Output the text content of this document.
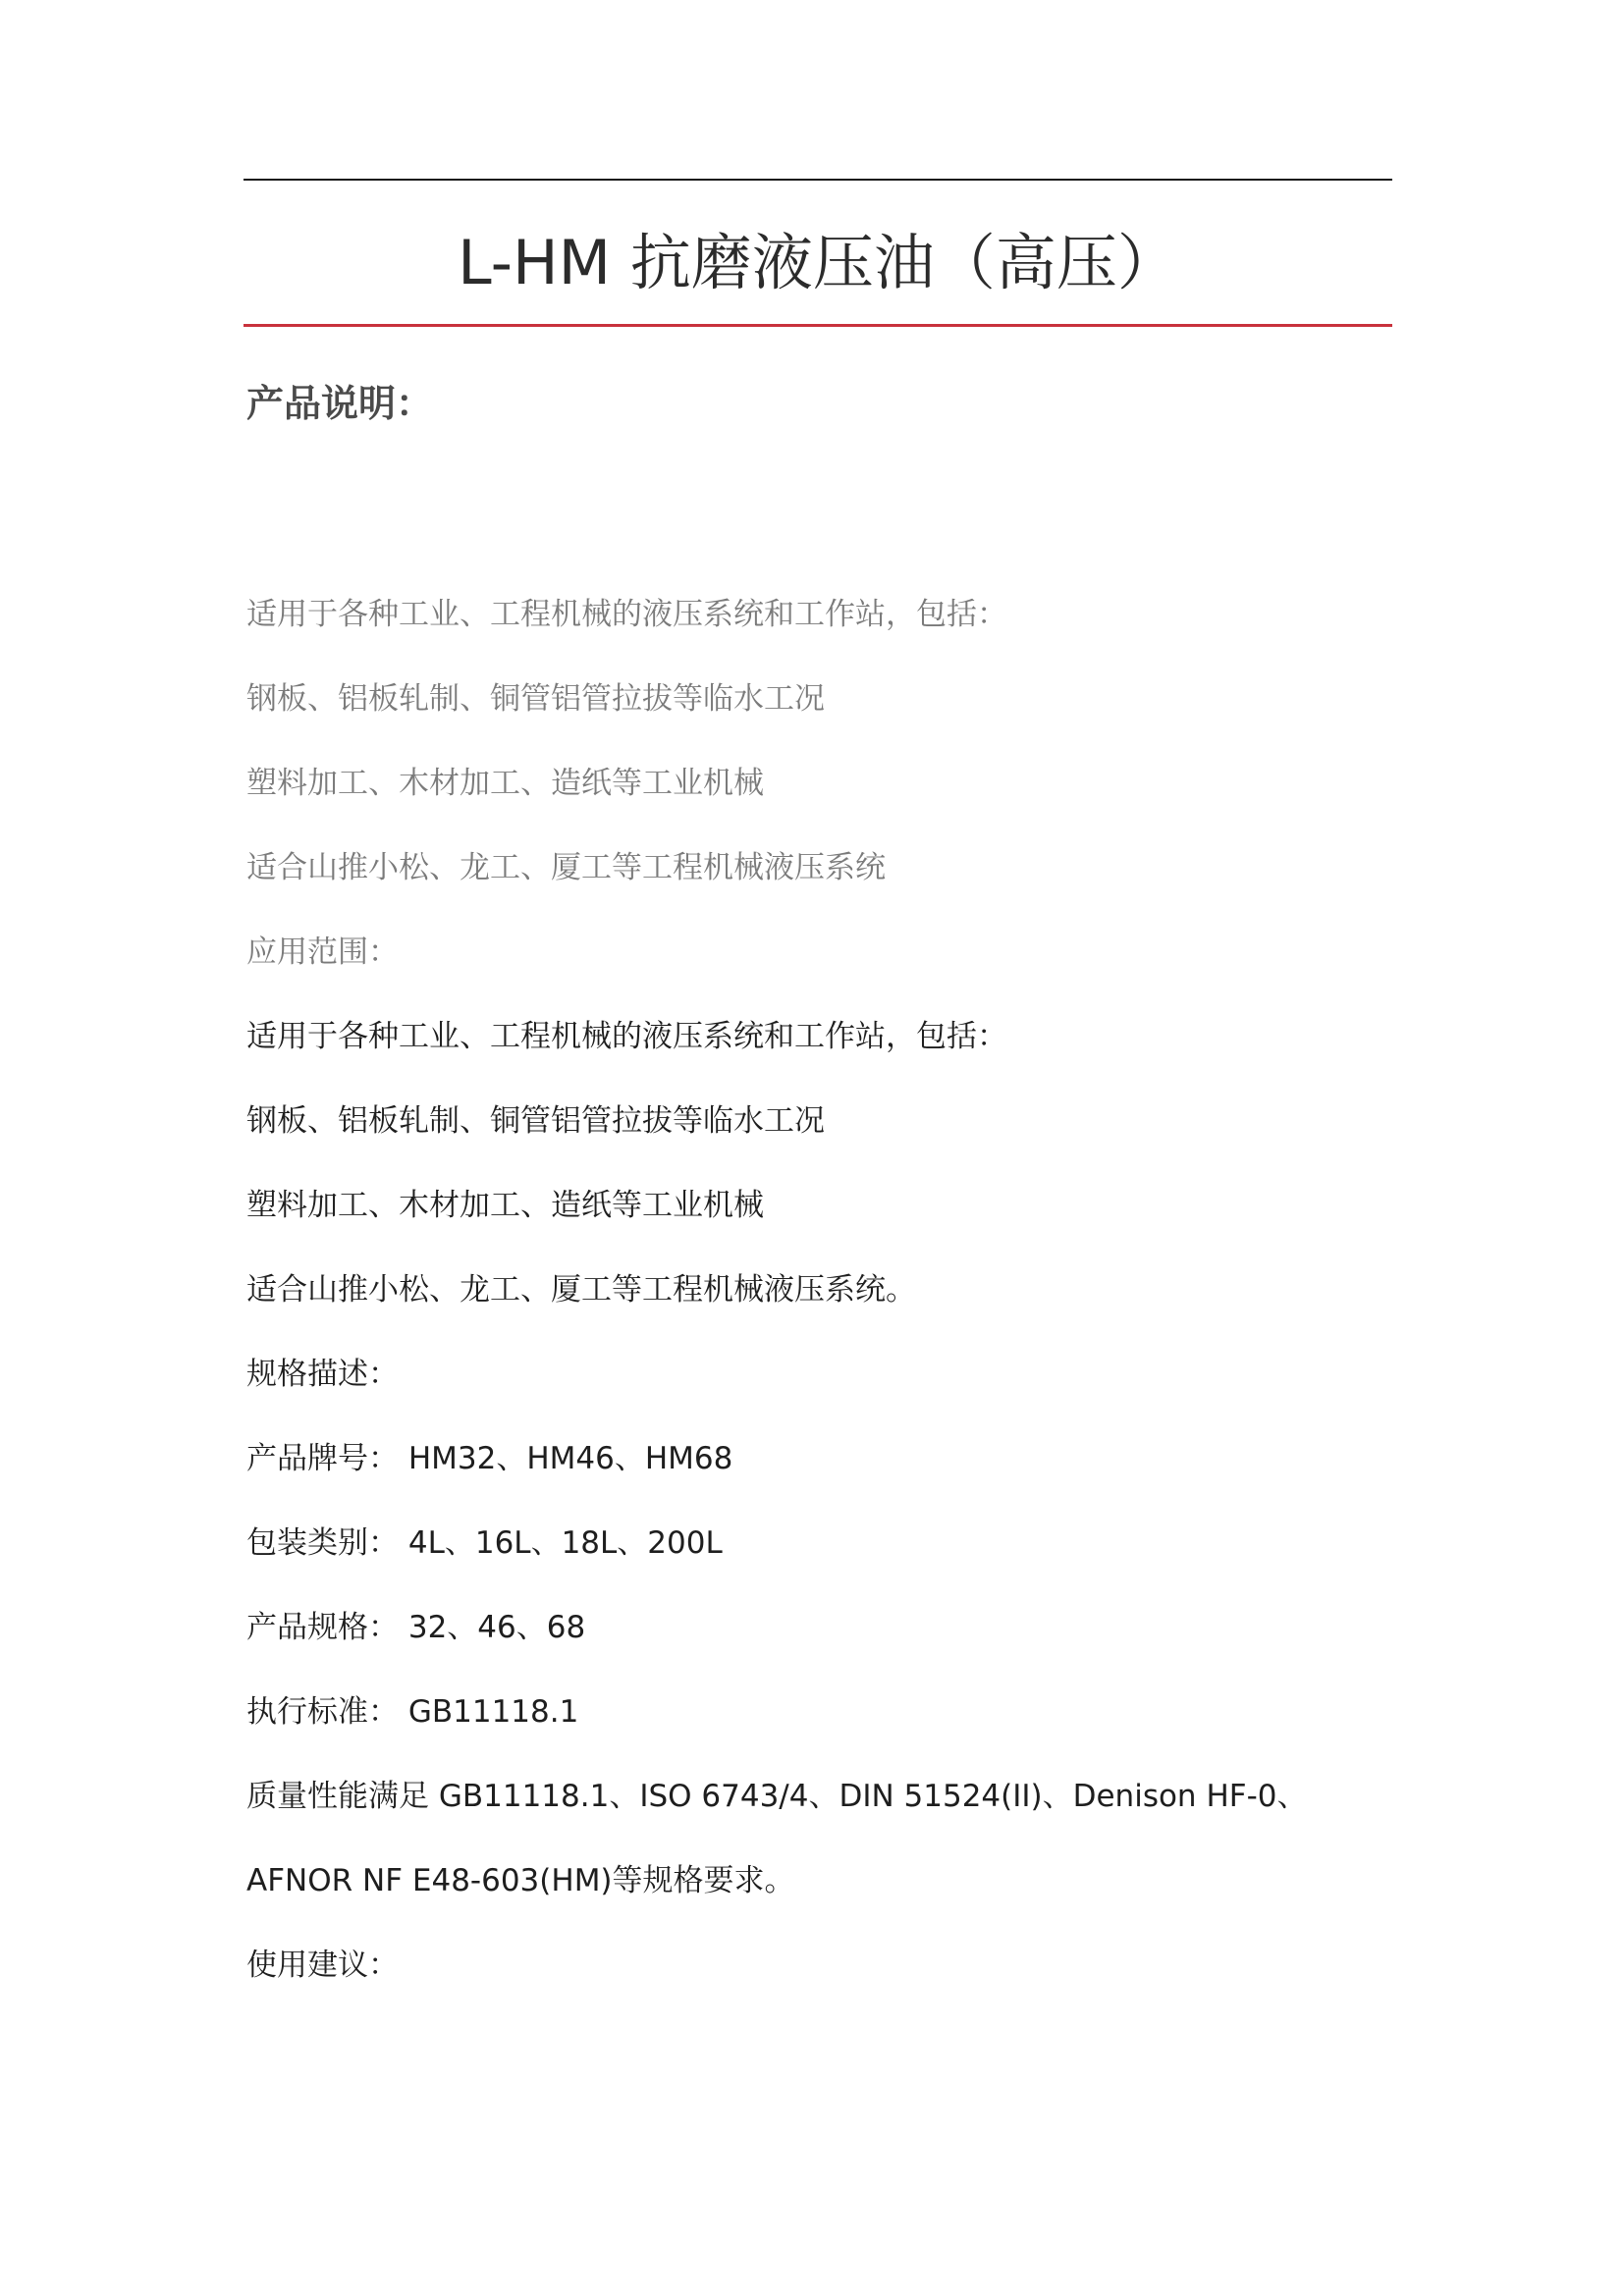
L-HM 抗磨液压油（高压）
产品说明：

适用于各种工业、工程机械的液压系统和工作站，包括：

钢板、铝板轧制、铜管铝管拉拔等临水工况

塑料加工、木材加工、造纸等工业机械

适合山推小松、龙工、厦工等工程机械液压系统

应用范围：

适用于各种工业、工程机械的液压系统和工作站，包括：

钢板、铝板轧制、铜管铝管拉拔等临水工况

塑料加工、木材加工、造纸等工业机械

适合山推小松、龙工、厦工等工程机械液压系统。

规格描述：

产品牌号： HM32、HM46、HM68

包装类别： 4L、16L、18L、200L

产品规格： 32、46、68

执行标准： GB11118.1

质量性能满足 GB11118.1、ISO 6743/4、DIN 51524(II)、Denison HF-0、

AFNOR NF E48-603(HM)等规格要求。

使用建议：
